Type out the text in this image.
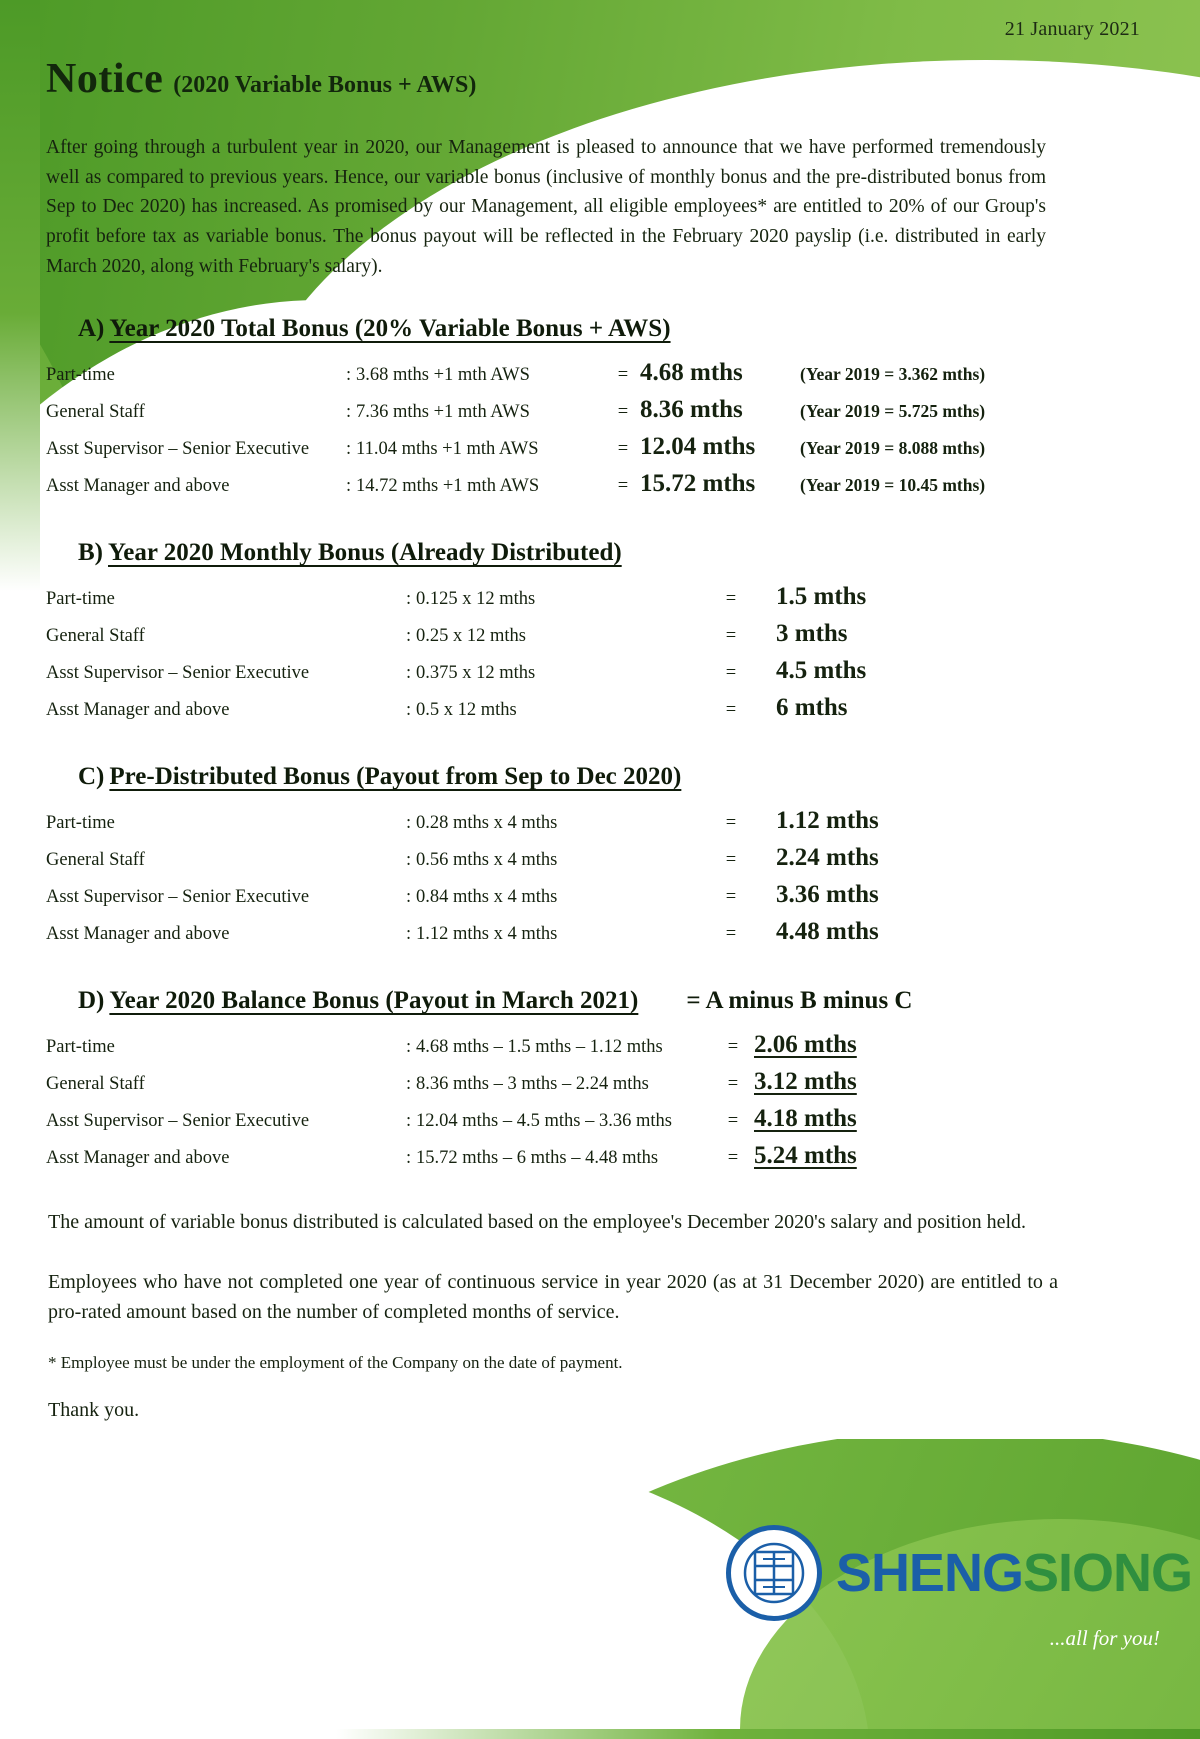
21 January 2021
Notice (2020 Variable Bonus + AWS)

After going through a turbulent year in 2020, our Management is pleased to announce that we have performed tremendously well as compared to previous years. Hence, our variable bonus (inclusive of monthly bonus and the pre-distributed bonus from Sep to Dec 2020) has increased. As promised by our Management, all eligible employees* are entitled to 20% of our Group's profit before tax as variable bonus. The bonus payout will be reflected in the February 2020 payslip (i.e. distributed in early March 2020, along with February's salary).

A) Year 2020 Total Bonus (20% Variable Bonus + AWS)
Part-time	:	3.68 mths +1 mth AWS	=	4.68 mths	(Year 2019 = 3.362 mths)
General Staff	:	7.36 mths +1 mth AWS	=	8.36 mths	(Year 2019 = 5.725 mths)
Asst Supervisor – Senior Executive	:	11.04 mths +1 mth AWS	=	12.04 mths	(Year 2019 = 8.088 mths)
Asst Manager and above	:	14.72 mths +1 mth AWS	=	15.72 mths	(Year 2019 = 10.45 mths)
B) Year 2020 Monthly Bonus (Already Distributed)
Part-time	:	0.125 x 12 mths	=	1.5 mths
General Staff	:	0.25 x 12 mths	=	3 mths
Asst Supervisor – Senior Executive	:	0.375 x 12 mths	=	4.5 mths
Asst Manager and above	:	0.5 x 12 mths	=	6 mths
C) Pre-Distributed Bonus (Payout from Sep to Dec 2020)
Part-time	:	0.28 mths x 4 mths	=	1.12 mths
General Staff	:	0.56 mths x 4 mths	=	2.24 mths
Asst Supervisor – Senior Executive	:	0.84 mths x 4 mths	=	3.36 mths
Asst Manager and above	:	1.12 mths x 4 mths	=	4.48 mths
D) Year 2020 Balance Bonus (Payout in March 2021) = A minus B minus C
Part-time	:	4.68 mths – 1.5 mths – 1.12 mths	=	2.06 mths
General Staff	:	8.36 mths – 3 mths – 2.24 mths	=	3.12 mths
Asst Supervisor – Senior Executive	:	12.04 mths – 4.5 mths – 3.36 mths	=	4.18 mths
Asst Manager and above	:	15.72 mths – 6 mths – 4.48 mths	=	5.24 mths

The amount of variable bonus distributed is calculated based on the employee's December 2020's salary and position held.

Employees who have not completed one year of continuous service in year 2020 (as at 31 December 2020) are entitled to a pro-rated amount based on the number of completed months of service.

* Employee must be under the employment of the Company on the date of payment.

Thank you.

SHENGSIONG
...all for you!
